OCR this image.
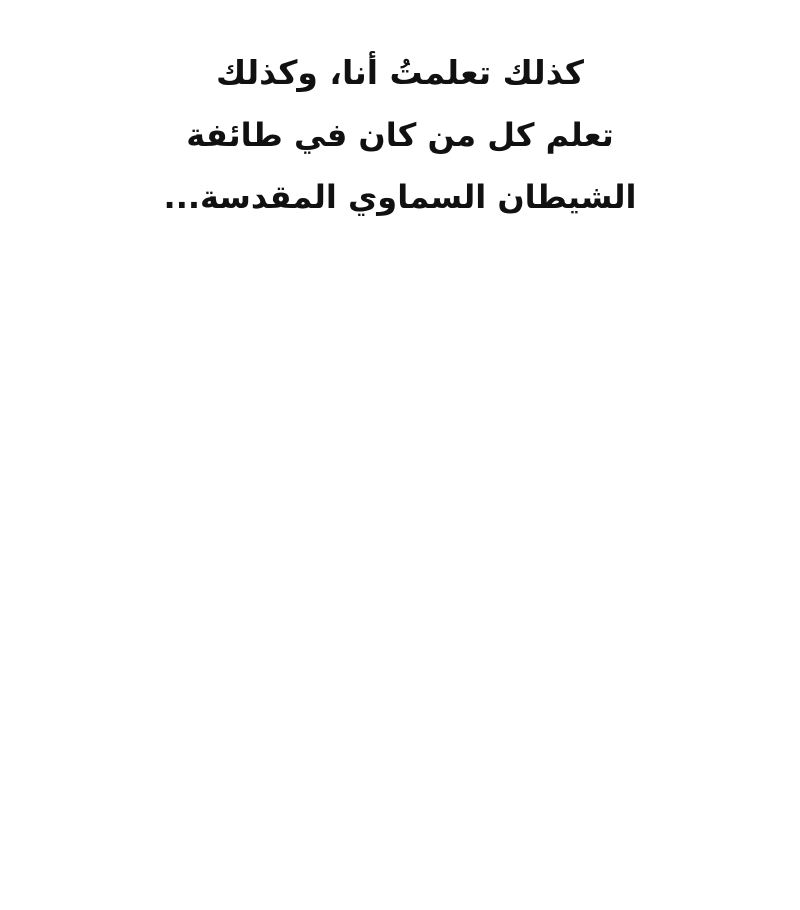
كذلك تعلمتُ أنا، وكذلك
تعلم كل من كان في طائفة
الشيطان السماوي المقدسة...
